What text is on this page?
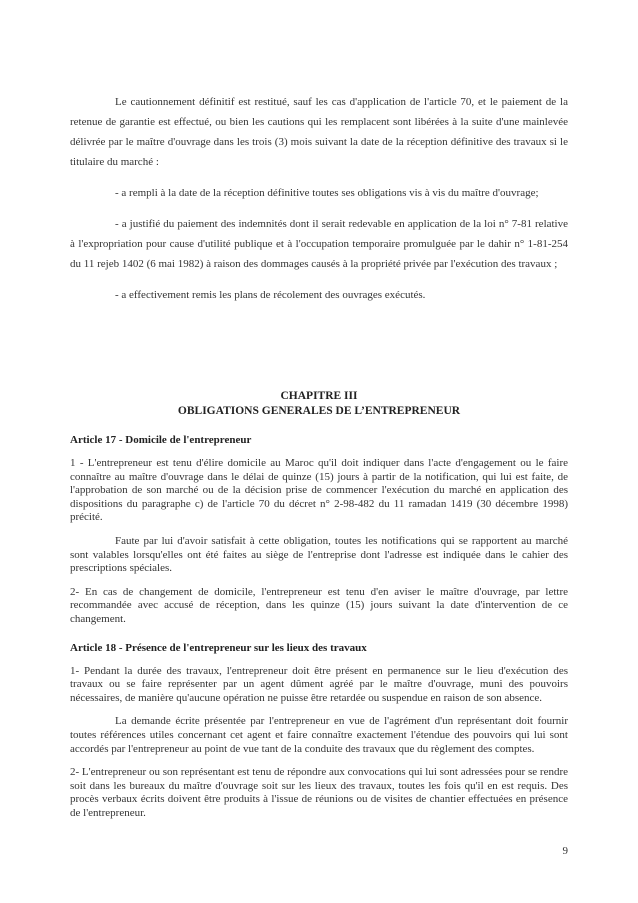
Le cautionnement définitif est restitué, sauf les cas d'application de l'article 70, et le paiement de la retenue de garantie est effectué, ou bien les cautions qui les remplacent sont libérées à la suite d'une mainlevée délivrée par le maître d'ouvrage dans les trois (3) mois suivant la date de la réception définitive des travaux si le titulaire du marché :

- a rempli à la date de la réception définitive toutes ses obligations vis à vis du maître d'ouvrage;

- a justifié du paiement des indemnités dont il serait redevable en application de la loi n° 7-81 relative à l'expropriation pour cause d'utilité publique et à l'occupation temporaire promulguée par le dahir n° 1-81-254 du 11 rejeb 1402 (6 mai 1982) à raison des dommages causés à la propriété privée par l'exécution des travaux ;

- a effectivement remis les plans de récolement des ouvrages exécutés.

CHAPITRE III
OBLIGATIONS GENERALES DE L’ENTREPRENEUR

Article 17 - Domicile de l'entrepreneur

1 - L'entrepreneur est tenu d'élire domicile au Maroc qu'il doit indiquer dans l'acte d'engagement ou le faire connaître au maître d'ouvrage dans le délai de quinze (15) jours à partir de la notification, qui lui est faite, de l'approbation de son marché ou de la décision prise de commencer l'exécution du marché en application des dispositions du paragraphe c) de l'article 70 du décret n° 2-98-482 du 11 ramadan 1419 (30 décembre 1998) précité.

Faute par lui d'avoir satisfait à cette obligation, toutes les notifications qui se rapportent au marché sont valables lorsqu'elles ont été faites au siège de l'entreprise dont l'adresse est indiquée dans le cahier des prescriptions spéciales.

2- En cas de changement de domicile, l'entrepreneur est tenu d'en aviser le maître d'ouvrage, par lettre recommandée avec accusé de réception, dans les quinze (15) jours suivant la date d'intervention de ce changement.

Article 18 - Présence de l'entrepreneur sur les lieux des travaux

1- Pendant la durée des travaux, l'entrepreneur doit être présent en permanence sur le lieu d'exécution des travaux ou se faire représenter par un agent dûment agréé par le maître d'ouvrage, muni des pouvoirs nécessaires, de manière qu'aucune opération ne puisse être retardée ou suspendue en raison de son absence.

La demande écrite présentée par l'entrepreneur en vue de l'agrément d'un représentant doit fournir toutes références utiles concernant cet agent et faire connaître exactement l'étendue des pouvoirs qui lui sont accordés par l'entrepreneur au point de vue tant de la conduite des travaux que du règlement des comptes.

2- L'entrepreneur ou son représentant est tenu de répondre aux convocations qui lui sont adressées pour se rendre soit dans les bureaux du maître d'ouvrage soit sur les lieux des travaux, toutes les fois qu'il en est requis. Des procès verbaux écrits doivent être produits à l'issue de réunions ou de visites de chantier effectuées en présence de l'entrepreneur.

9
